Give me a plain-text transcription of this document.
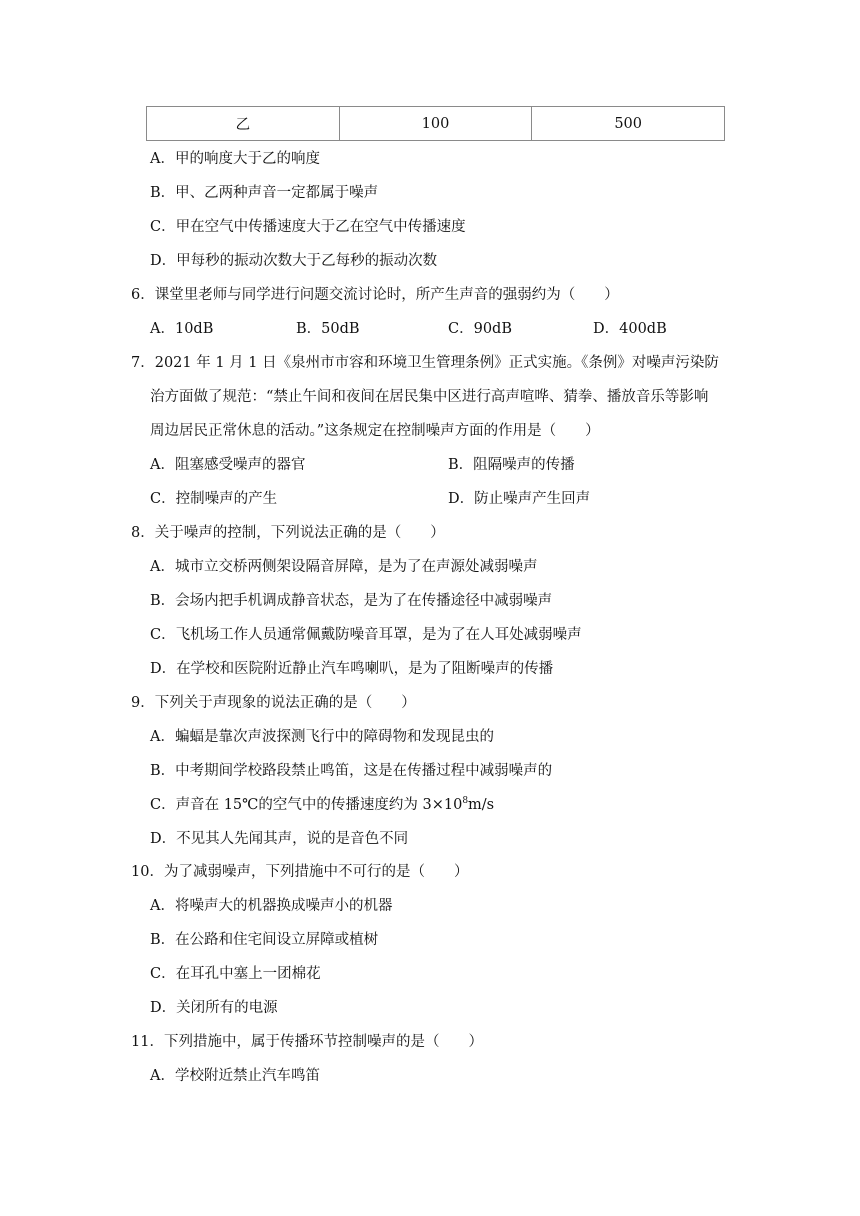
乙	100	500
A．甲的响度大于乙的响度
B．甲、乙两种声音一定都属于噪声
C．甲在空气中传播速度大于乙在空气中传播速度
D．甲每秒的振动次数大于乙每秒的振动次数
6．课堂里老师与同学进行问题交流讨论时，所产生声音的强弱约为（　　）
A．10dB	B．50dB	C．90dB	D．400dB
7．2021 年 1 月 1 日《泉州市市容和环境卫生管理条例》正式实施。《条例》对噪声污染防
治方面做了规范：“禁止午间和夜间在居民集中区进行高声喧哗、猜拳、播放音乐等影响
周边居民正常休息的活动。”这条规定在控制噪声方面的作用是（　　）
A．阻塞感受噪声的器官	B．阻隔噪声的传播
C．控制噪声的产生	D．防止噪声产生回声
8．关于噪声的控制，下列说法正确的是（　　）
A．城市立交桥两侧架设隔音屏障，是为了在声源处减弱噪声
B．会场内把手机调成静音状态，是为了在传播途径中减弱噪声
C．飞机场工作人员通常佩戴防噪音耳罩，是为了在人耳处减弱噪声
D．在学校和医院附近静止汽车鸣喇叭，是为了阻断噪声的传播
9．下列关于声现象的说法正确的是（　　）
A．蝙蝠是靠次声波探测飞行中的障碍物和发现昆虫的
B．中考期间学校路段禁止鸣笛，这是在传播过程中减弱噪声的
C．声音在 15℃的空气中的传播速度约为 $3\times 10^8m/s$
D．不见其人先闻其声，说的是音色不同
10．为了减弱噪声，下列措施中不可行的是（　　）
A．将噪声大的机器换成噪声小的机器
B．在公路和住宅间设立屏障或植树
C．在耳孔中塞上一团棉花
D．关闭所有的电源
11．下列措施中，属于传播环节控制噪声的是（　　）
A．学校附近禁止汽车鸣笛
